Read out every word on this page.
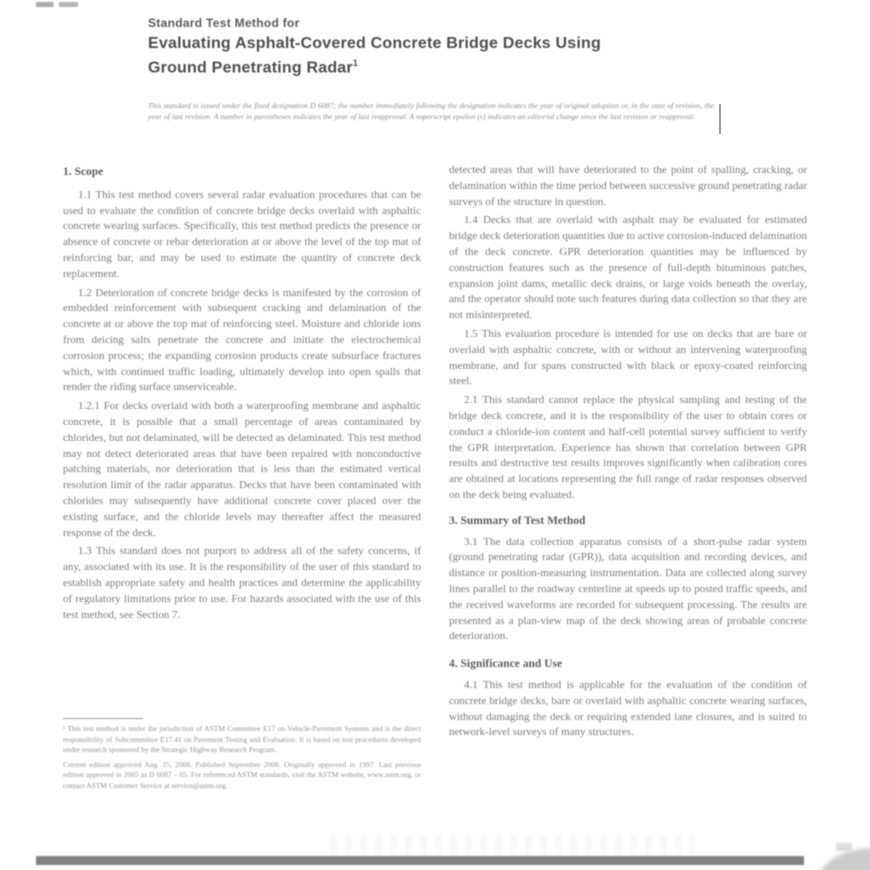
Standard Test Method for
Evaluating Asphalt-Covered Concrete Bridge Decks Using
Ground Penetrating Radar$^1$
This standard is issued under the fixed designation D 6087; the number immediately following the designation indicates the year of original adoption or, in the case of revision, the year of last revision. A number in parentheses indicates the year of last reapproval. A superscript epsilon (ε) indicates an editorial change since the last revision or reapproval.
1. Scope

1.1 This test method covers several radar evaluation procedures that can be used to evaluate the condition of concrete bridge decks overlaid with asphaltic concrete wearing surfaces. Specifically, this test method predicts the presence or absence of concrete or rebar deterioration at or above the level of the top mat of reinforcing bar, and may be used to estimate the quantity of concrete deck replacement.

1.2 Deterioration of concrete bridge decks is manifested by the corrosion of embedded reinforcement with subsequent cracking and delamination of the concrete at or above the top mat of reinforcing steel. Moisture and chloride ions from deicing salts penetrate the concrete and initiate the electrochemical corrosion process; the expanding corrosion products create subsurface fractures which, with continued traffic loading, ultimately develop into open spalls that render the riding surface unserviceable.

1.2.1 For decks overlaid with both a waterproofing membrane and asphaltic concrete, it is possible that a small percentage of areas contaminated by chlorides, but not delaminated, will be detected as delaminated. This test method may not detect deteriorated areas that have been repaired with nonconductive patching materials, nor deterioration that is less than the estimated vertical resolution limit of the radar apparatus. Decks that have been contaminated with chlorides may subsequently have additional concrete cover placed over the existing surface, and the chloride levels may thereafter affect the measured response of the deck.

1.3 This standard does not purport to address all of the safety concerns, if any, associated with its use. It is the responsibility of the user of this standard to establish appropriate safety and health practices and determine the applicability of regulatory limitations prior to use. For hazards associated with the use of this test method, see Section 7.

detected areas that will have deteriorated to the point of spalling, cracking, or delamination within the time period between successive ground penetrating radar surveys of the structure in question.

1.4 Decks that are overlaid with asphalt may be evaluated for estimated bridge deck deterioration quantities due to active corrosion-induced delamination of the deck concrete. GPR deterioration quantities may be influenced by construction features such as the presence of full-depth bituminous patches, expansion joint dams, metallic deck drains, or large voids beneath the overlay, and the operator should note such features during data collection so that they are not misinterpreted.

1.5 This evaluation procedure is intended for use on decks that are bare or overlaid with asphaltic concrete, with or without an intervening waterproofing membrane, and for spans constructed with black or epoxy-coated reinforcing steel.

2.1 This standard cannot replace the physical sampling and testing of the bridge deck concrete, and it is the responsibility of the user to obtain cores or conduct a chloride-ion content and half-cell potential survey sufficient to verify the GPR interpretation. Experience has shown that correlation between GPR results and destructive test results improves significantly when calibration cores are obtained at locations representing the full range of radar responses observed on the deck being evaluated.

3. Summary of Test Method

3.1 The data collection apparatus consists of a short-pulse radar system (ground penetrating radar (GPR)), data acquisition and recording devices, and distance or position-measuring instrumentation. Data are collected along survey lines parallel to the roadway centerline at speeds up to posted traffic speeds, and the received waveforms are recorded for subsequent processing. The results are presented as a plan-view map of the deck showing areas of probable concrete deterioration.

4. Significance and Use

4.1 This test method is applicable for the evaluation of the condition of concrete bridge decks, bare or overlaid with asphaltic concrete wearing surfaces, without damaging the deck or requiring extended lane closures, and is suited to network-level surveys of many structures.

¹ This test method is under the jurisdiction of ASTM Committee E17 on Vehicle-Pavement Systems and is the direct responsibility of Subcommittee E17.41 on Pavement Testing and Evaluation. It is based on test procedures developed under research sponsored by the Strategic Highway Research Program.

Current edition approved Aug. 15, 2008. Published September 2008. Originally approved in 1997. Last previous edition approved in 2005 as D 6087 – 05. For referenced ASTM standards, visit the ASTM website, www.astm.org, or contact ASTM Customer Service at service@astm.org.
